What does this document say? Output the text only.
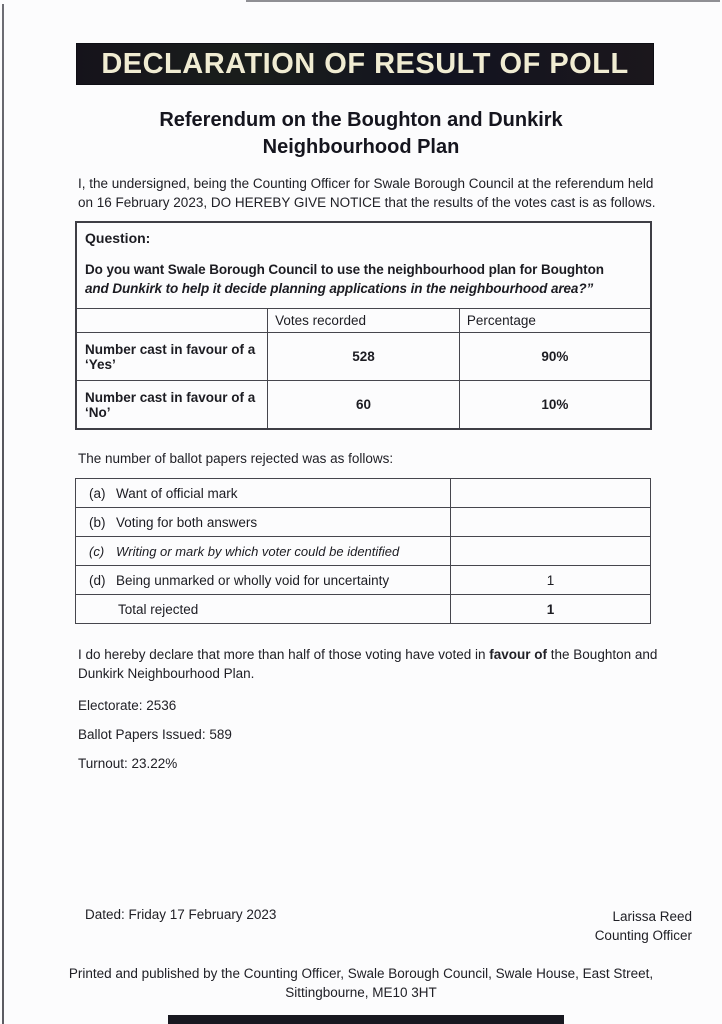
DECLARATION OF RESULT OF POLL
Referendum on the Boughton and Dunkirk
Neighbourhood Plan

I, the undersigned, being the Counting Officer for Swale Borough Council at the referendum held on 16 February 2023, DO HEREBY GIVE NOTICE that the results of the votes cast is as follows.

Question:
Do you want Swale Borough Council to use the neighbourhood plan for Boughton
and Dunkirk to help it decide planning applications in the neighbourhood area?”		

	Votes recorded	Percentage
Number cast in favour of a ‘Yes’	528	90%
Number cast in favour of a ‘No’	60	10%

The number of ballot papers rejected was as follows:

(a) Want of official mark	
(b) Voting for both answers	
(c) Writing or mark by which voter could be identified	
(d) Being unmarked or wholly void for uncertainty	1
Total rejected	1

I do hereby declare that more than half of those voting have voted in favour of the Boughton and Dunkirk Neighbourhood Plan.

Electorate: 2536

Ballot Papers Issued: 589

Turnout: 23.22%

Dated: Friday 17 February 2023	Larissa Reed
Counting Officer

Printed and published by the Counting Officer, Swale Borough Council, Swale House, East Street, Sittingbourne, ME10 3HT
